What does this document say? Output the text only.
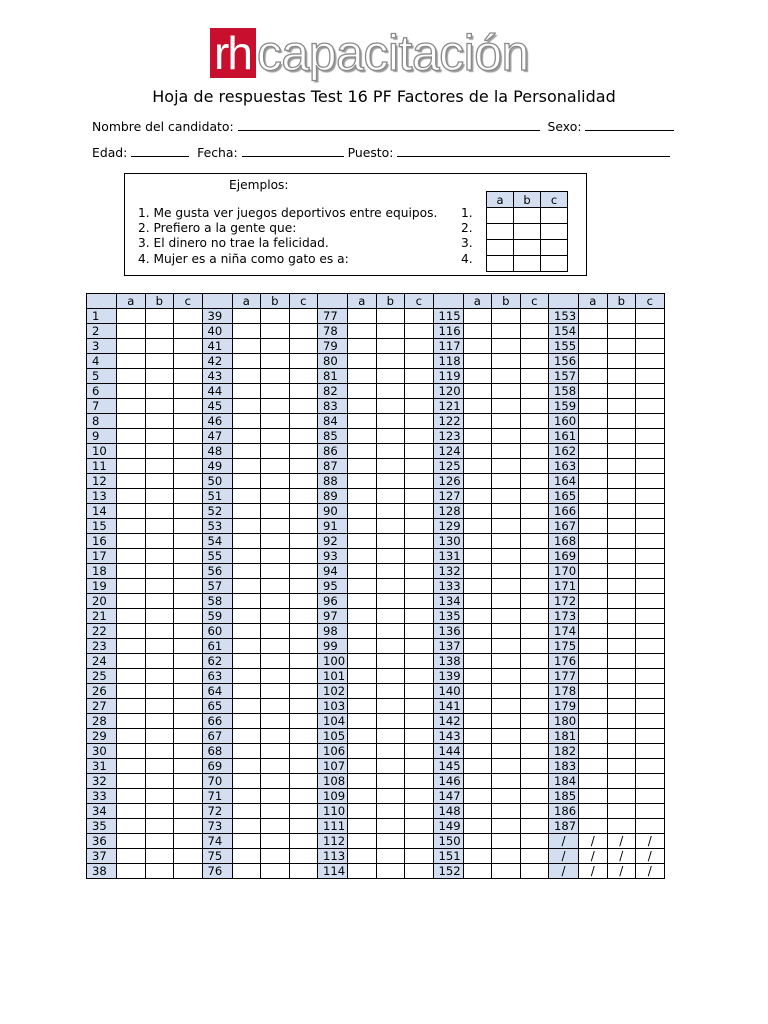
rh capacitación
Hoja de respuestas Test 16 PF Factores de la Personalidad
Nombre del candidato:	Sexo:
Edad:	Fecha:	Puesto:
Ejemplos:
1. Me gusta ver juegos deportivos entre equipos.
2. Prefiero a la gente que:
3. El dinero no trae la felicidad.
4. Mujer es a niña como gato es a:
1.
2.
3.
4.
a	b	c

	a	b	c		a	b	c		a	b	c		a	b	c		a	b	c
1				39				77				115				153			
2				40				78				116				154			
3				41				79				117				155			
4				42				80				118				156			
5				43				81				119				157			
6				44				82				120				158			
7				45				83				121				159			
8				46				84				122				160			
9				47				85				123				161			
10				48				86				124				162			
11				49				87				125				163			
12				50				88				126				164			
13				51				89				127				165			
14				52				90				128				166			
15				53				91				129				167			
16				54				92				130				168			
17				55				93				131				169			
18				56				94				132				170			
19				57				95				133				171			
20				58				96				134				172			
21				59				97				135				173			
22				60				98				136				174			
23				61				99				137				175			
24				62				100				138				176			
25				63				101				139				177			
26				64				102				140				178			
27				65				103				141				179			
28				66				104				142				180			
29				67				105				143				181			
30				68				106				144				182			
31				69				107				145				183			
32				70				108				146				184			
33				71				109				147				185			
34				72				110				148				186			
35				73				111				149				187			
36				74				112				150				/	/	/	/
37				75				113				151				/	/	/	/
38				76				114				152				/	/	/	/
